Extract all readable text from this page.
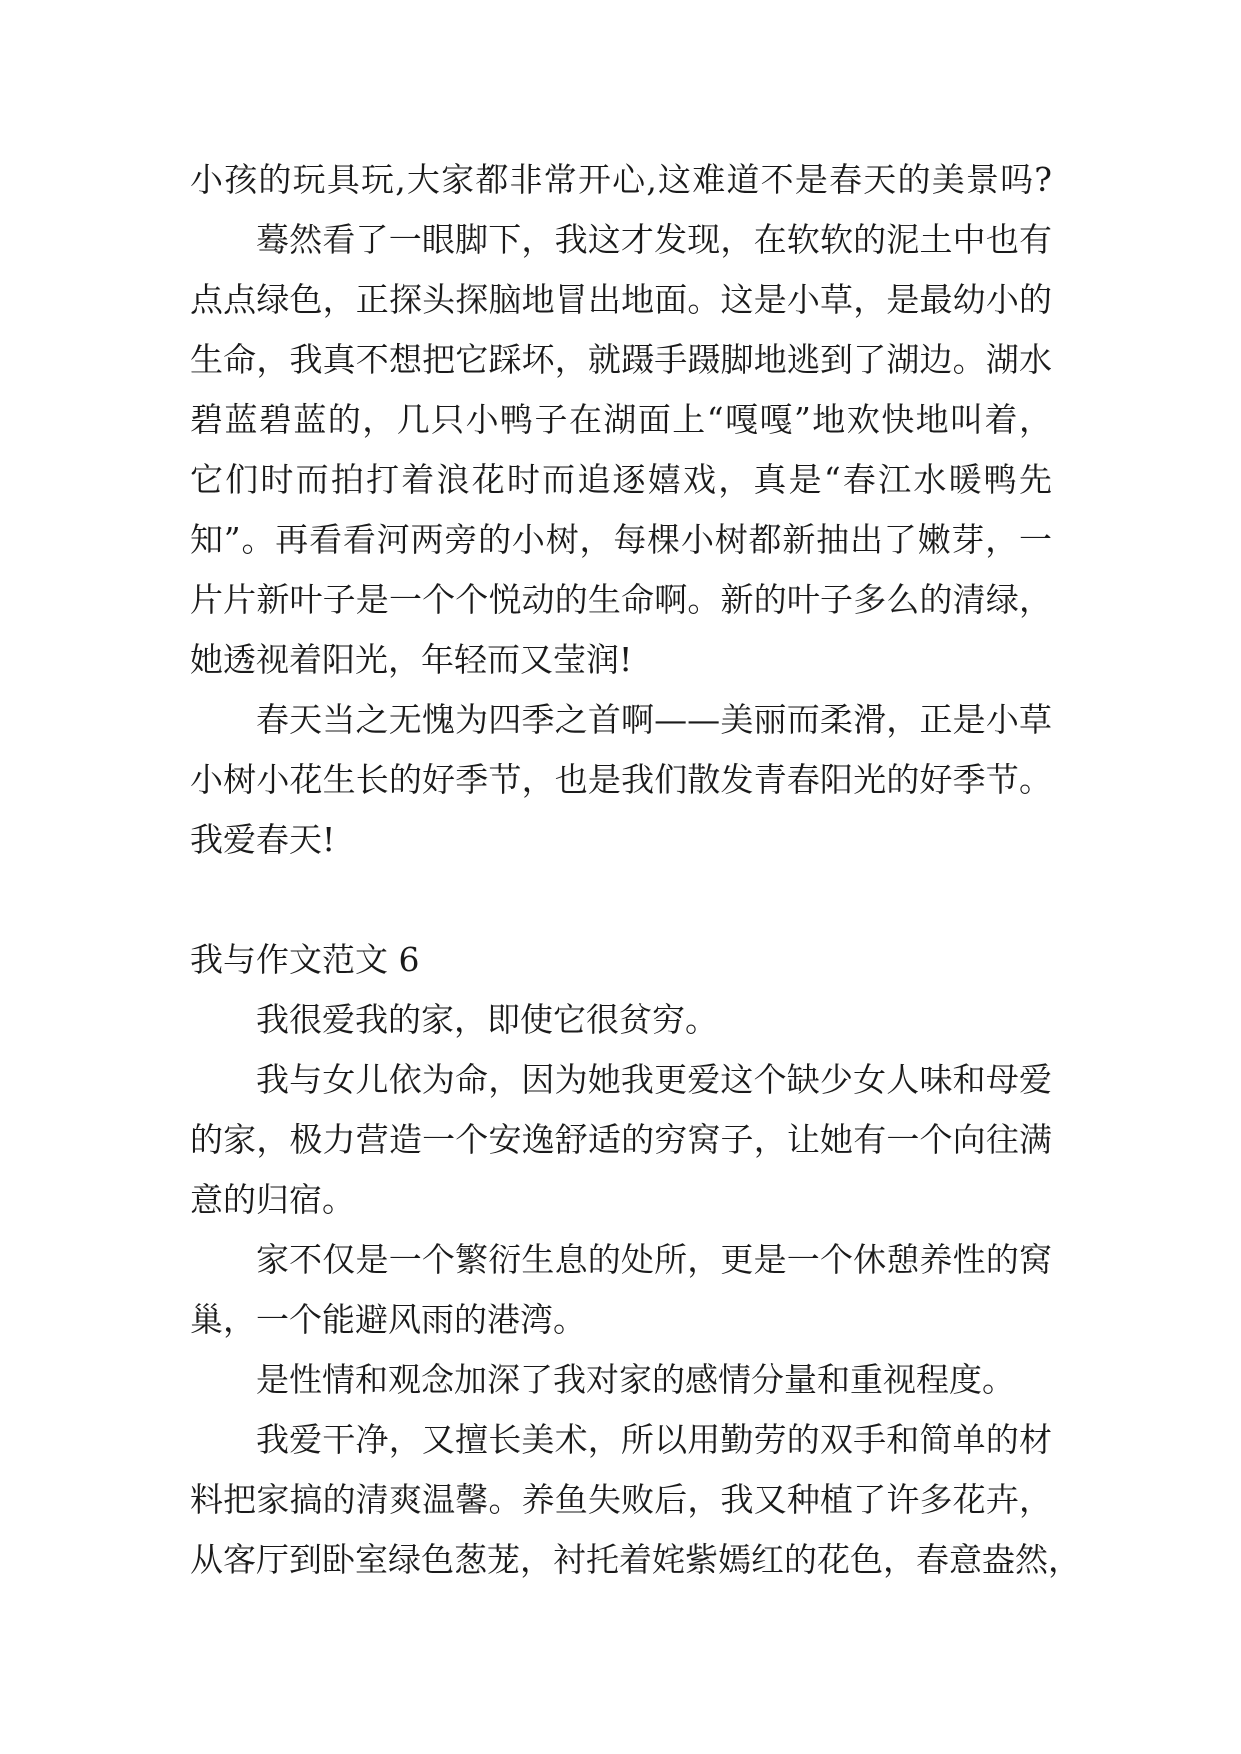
小孩的玩具玩,大家都非常开心,这难道不是春天的美景吗?
蓦然看了一眼脚下，我这才发现，在软软的泥土中也有
点点绿色，正探头探脑地冒出地面。这是小草，是最幼小的
生命，我真不想把它踩坏，就蹑手蹑脚地逃到了湖边。湖水
碧蓝碧蓝的，几只小鸭子在湖面上“嘎嘎”地欢快地叫着，
它们时而拍打着浪花时而追逐嬉戏，真是“春江水暖鸭先
知”。再看看河两旁的小树，每棵小树都新抽出了嫩芽，一
片片新叶子是一个个悦动的生命啊。新的叶子多么的清绿，
她透视着阳光，年轻而又莹润!
春天当之无愧为四季之首啊——美丽而柔滑，正是小草
小树小花生长的好季节，也是我们散发青春阳光的好季节。
我爱春天!
我与作文范文 6
我很爱我的家，即使它很贫穷。
我与女儿依为命，因为她我更爱这个缺少女人味和母爱
的家，极力营造一个安逸舒适的穷窝子，让她有一个向往满
意的归宿。
家不仅是一个繁衍生息的处所，更是一个休憩养性的窝
巢，一个能避风雨的港湾。
是性情和观念加深了我对家的感情分量和重视程度。
我爱干净，又擅长美术，所以用勤劳的双手和简单的材
料把家搞的清爽温馨。养鱼失败后，我又种植了许多花卉，
从客厅到卧室绿色葱茏，衬托着姹紫嫣红的花色，春意盎然，
